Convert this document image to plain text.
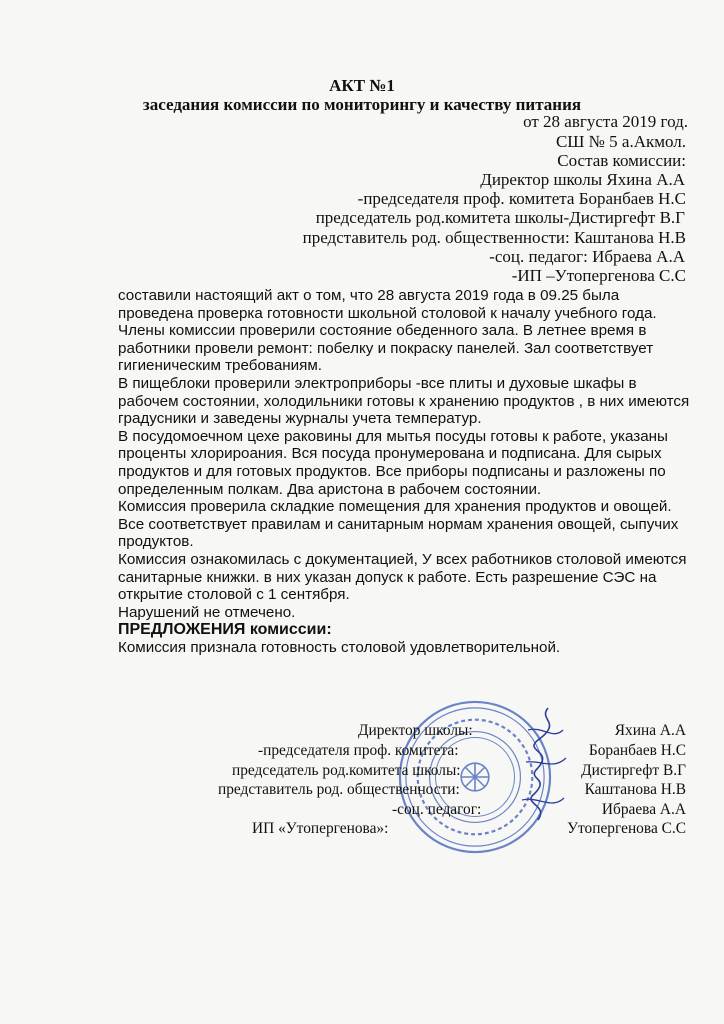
АКТ №1

заседания комиссии по мониторингу и качеству питания

от 28 августа 2019 год.

СШ № 5 а.Акмол.

Состав комиссии:

Директор школы Яхина А.А

-председателя проф. комитета Боранбаев Н.С

председатель род.комитета школы-Дистиргефт В.Г

представитель род. общественности: Каштанова Н.В

-соц. педагог: Ибраева А.А

-ИП –Утопергенова С.С

составили настоящий акт о том, что 28 августа 2019 года в 09.25 была проведена проверка готовности школьной столовой к началу учебного года.

Члены комиссии проверили состояние обеденного зала. В летнее время в работники провели ремонт: побелку и покраску панелей. Зал соответствует гигиеническим требованиям.

В пищеблоки проверили электроприборы -все плиты и духовые шкафы в рабочем состоянии, холодильники готовы к хранению продуктов , в них имеются градусники и заведены журналы учета температур.

В посудомоечном цехе раковины для мытья посуды готовы к работе, указаны проценты хлорироания. Вся посуда пронумерована и подписана. Для сырых продуктов и для готовых продуктов. Все приборы подписаны и разложены по определенным полкам. Два аристона в рабочем состоянии.

Комиссия проверила складкие помещения для хранения продуктов и овощей. Все соответствует правилам и санитарным нормам хранения овощей, сыпучих продуктов.

Комиссия ознакомилась с документацией, У всех работников столовой имеются санитарные книжки. в них указан допуск к работе. Есть разрешение СЭС на открытие столовой с 1 сентября.

Нарушений не отмечено.

ПРЕДЛОЖЕНИЯ комиссии:

Комиссия признала готовность столовой удовлетворительной.

Директор школы:	Яхина А.А
-председателя проф. комитета:	Боранбаев Н.С
председатель род.комитета школы:	Дистиргефт В.Г
представитель род. общественности:	Каштанова Н.В
-соц. педагог:	Ибраева А.А
ИП «Утопергенова»:	Утопергенова С.С
